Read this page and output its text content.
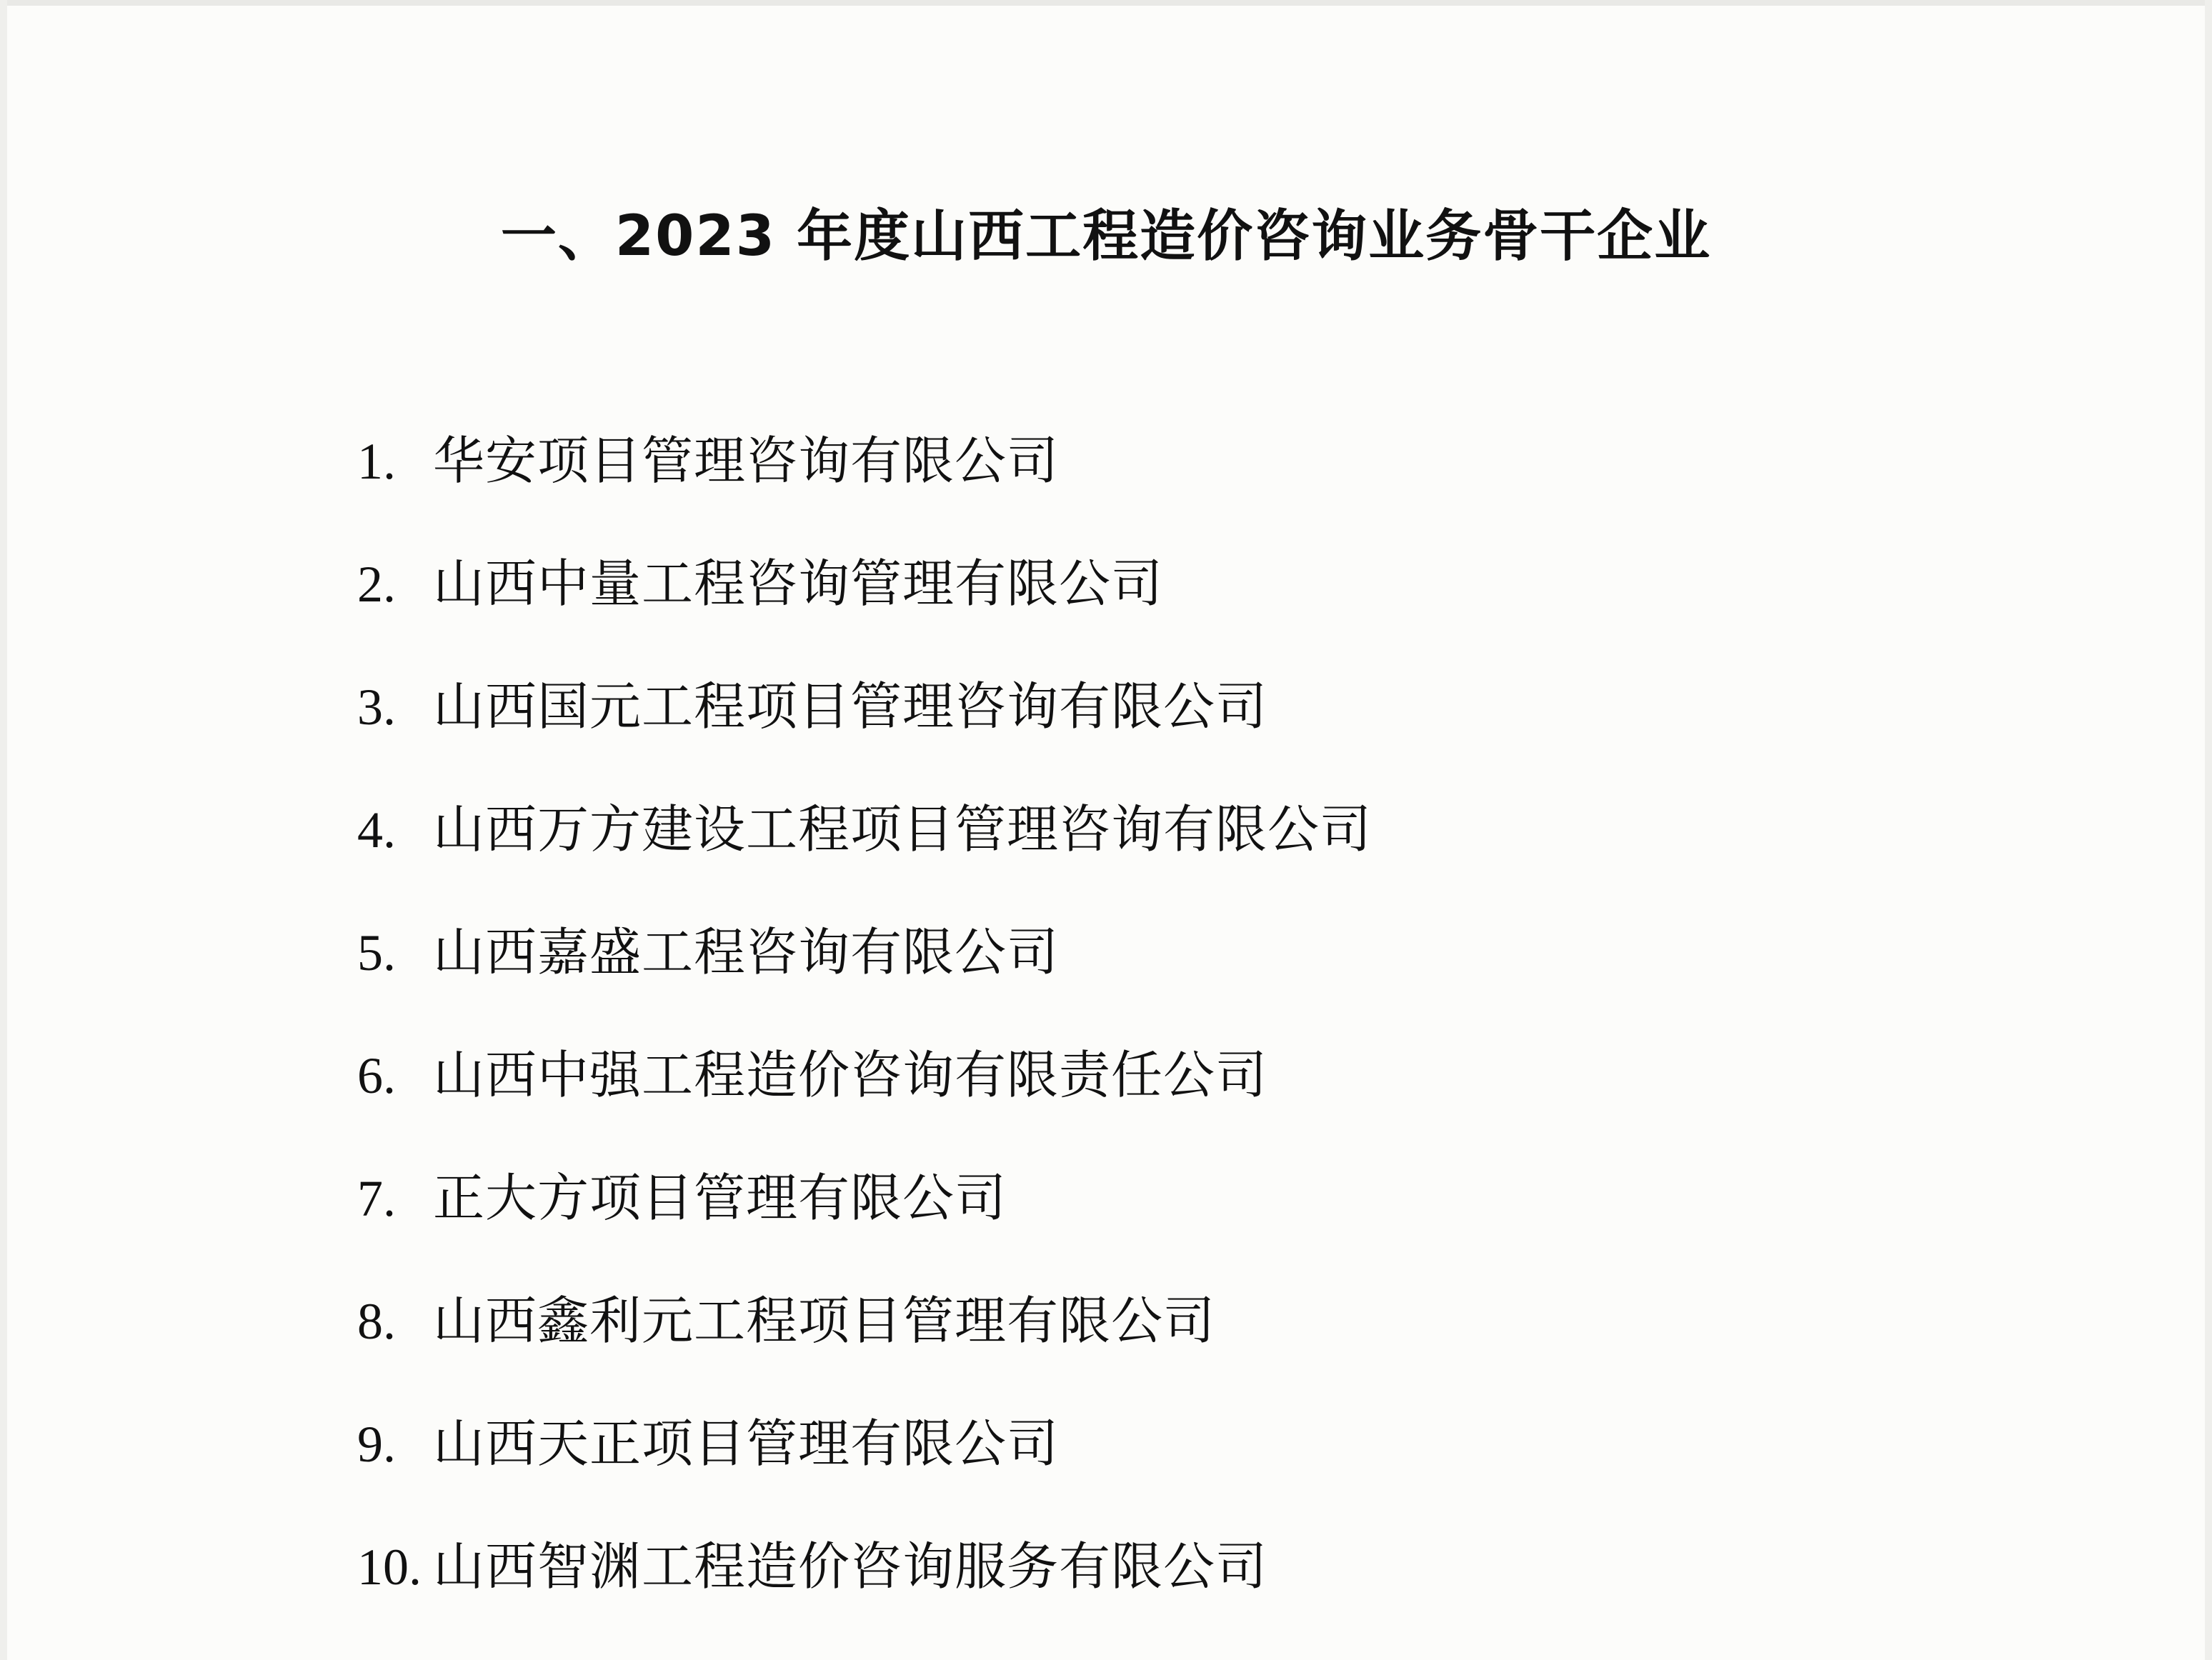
一、2023 年度山西工程造价咨询业务骨干企业
1. 华安项目管理咨询有限公司
2. 山西中量工程咨询管理有限公司
3. 山西国元工程项目管理咨询有限公司
4. 山西万方建设工程项目管理咨询有限公司
5. 山西嘉盛工程咨询有限公司
6. 山西中强工程造价咨询有限责任公司
7. 正大方项目管理有限公司
8. 山西鑫利元工程项目管理有限公司
9. 山西天正项目管理有限公司
10. 山西智渊工程造价咨询服务有限公司
